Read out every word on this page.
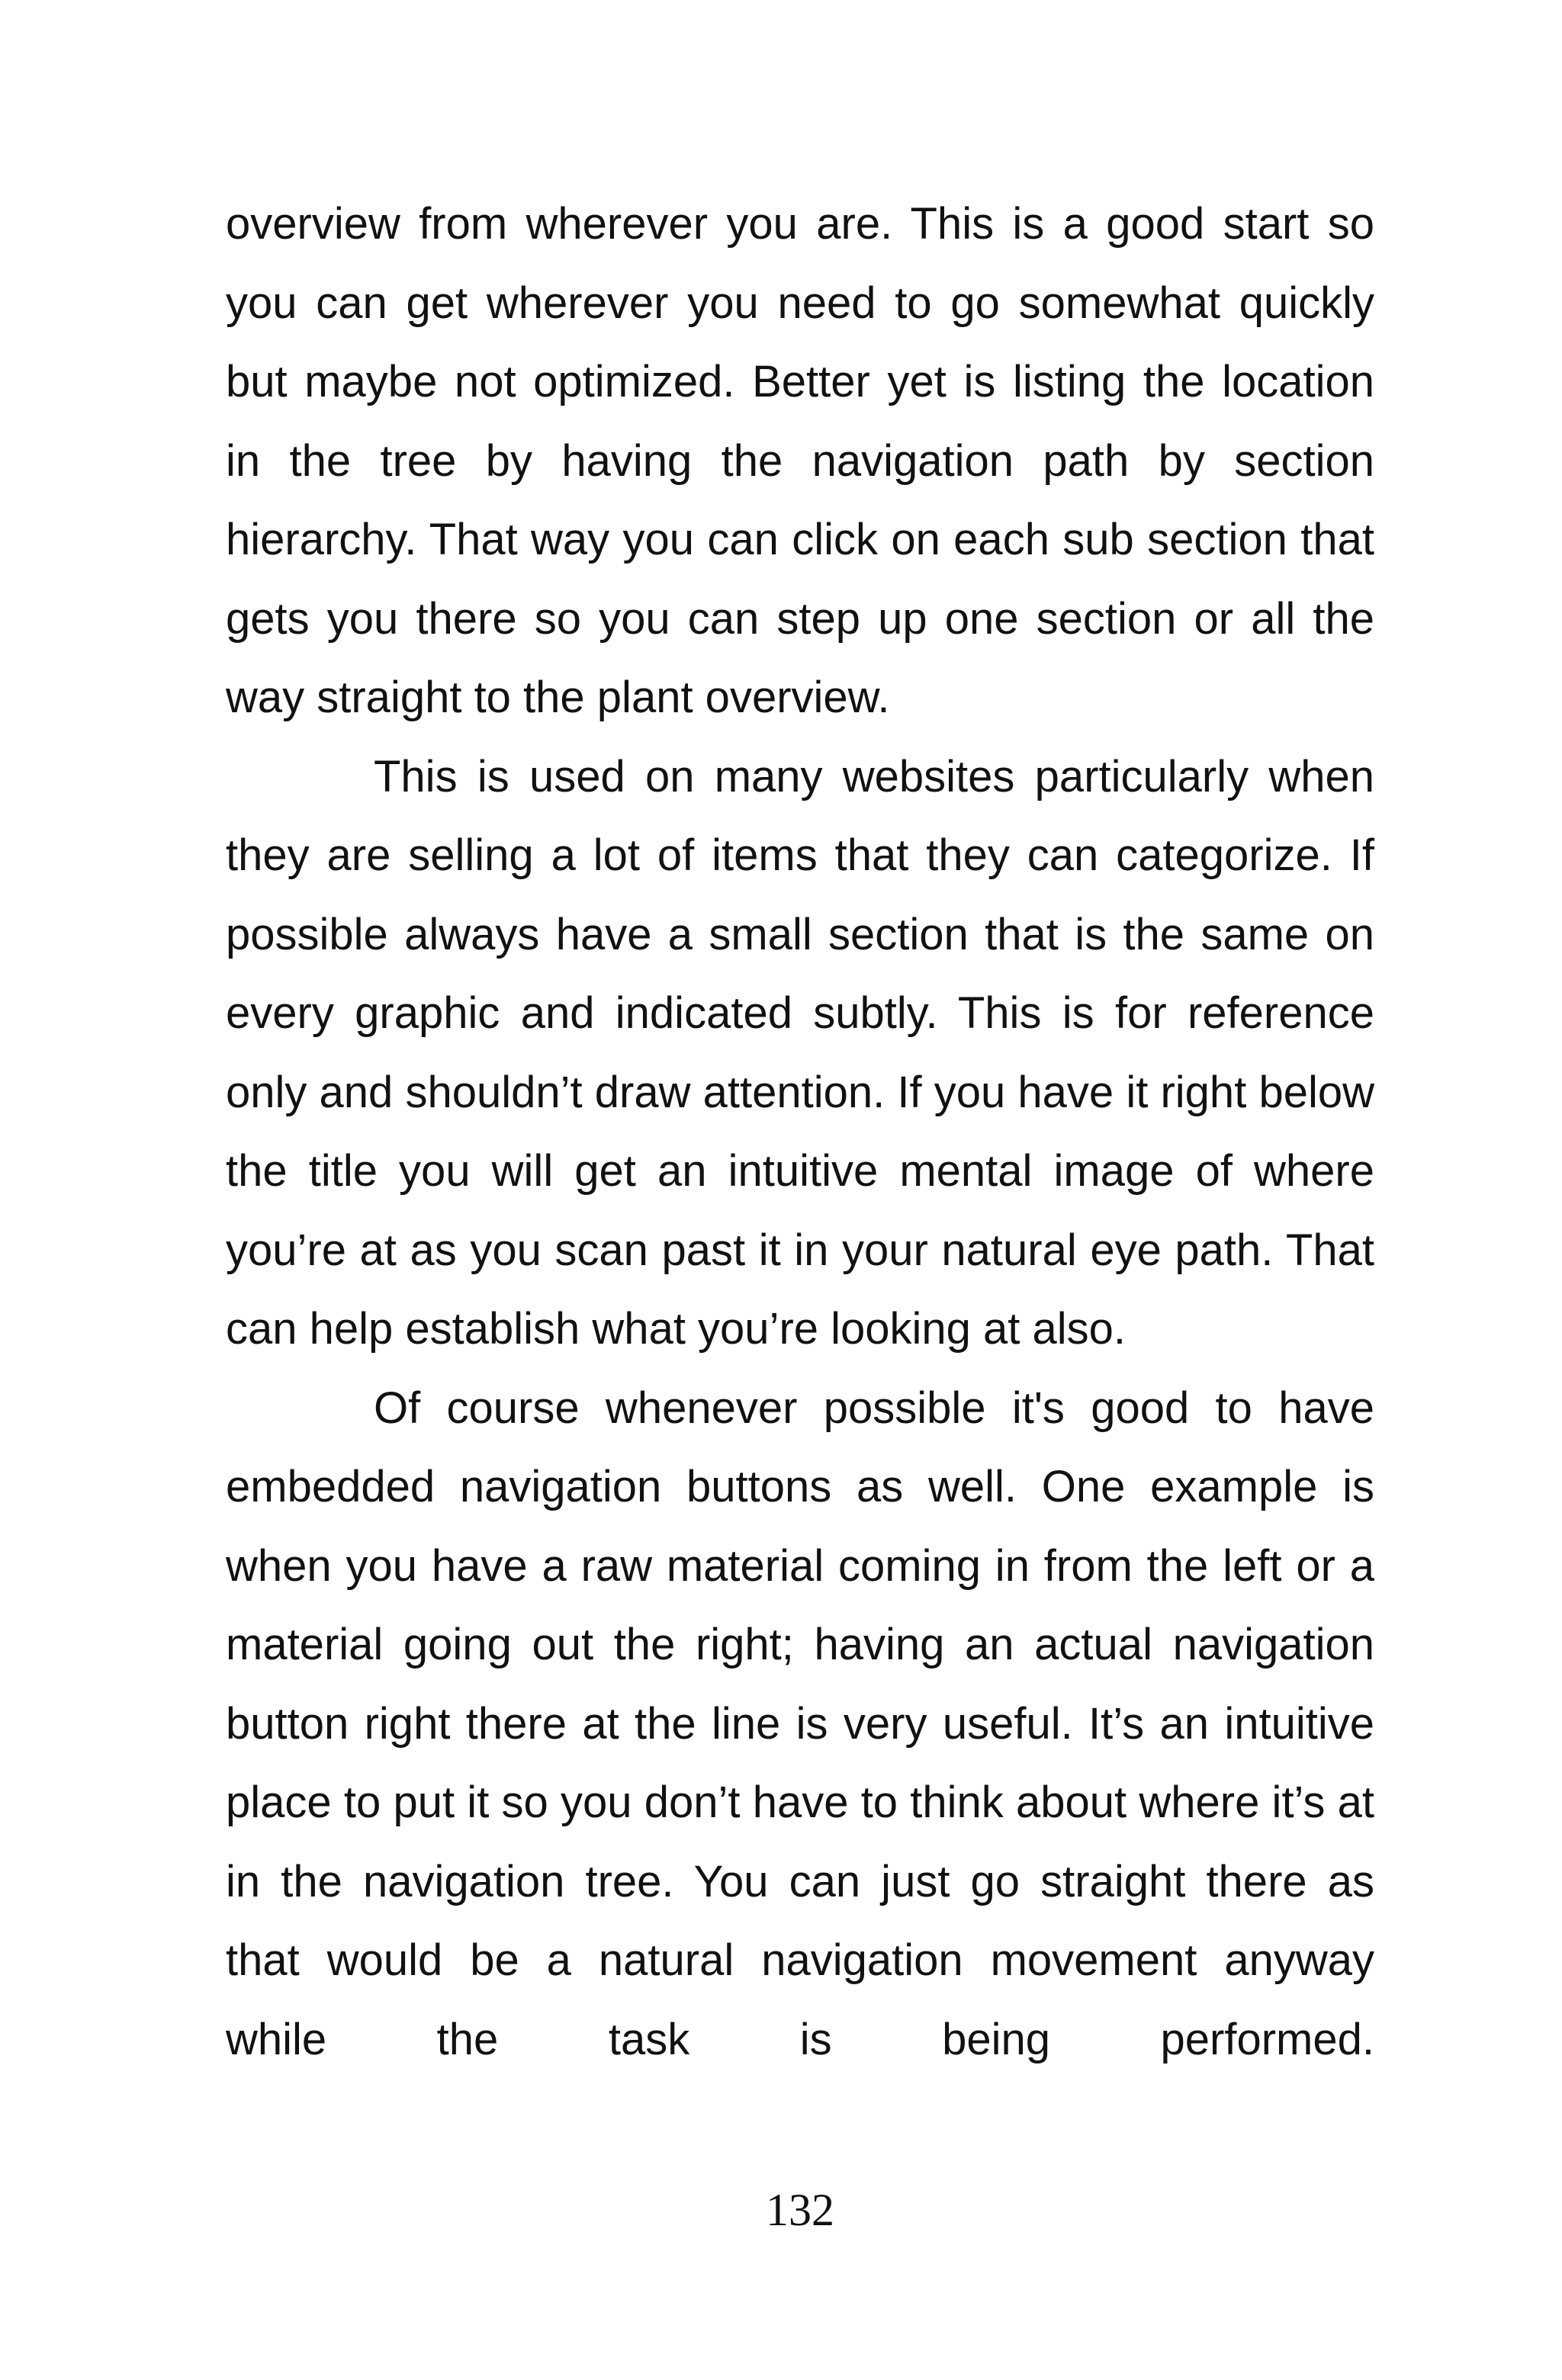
overview from wherever you are. This is a good start so you can get wherever you need to go somewhat quickly but maybe not optimized. Better yet is listing the location in the tree by having the navigation path by section hierarchy. That way you can click on each sub section that gets you there so you can step up one section or all the way straight to the plant overview.

This is used on many websites particularly when they are selling a lot of items that they can categorize. If possible always have a small section that is the same on every graphic and indicated subtly. This is for reference only and shouldn’t draw attention. If you have it right below the title you will get an intuitive mental image of where you’re at as you scan past it in your natural eye path. That can help establish what you’re looking at also.

Of course whenever possible it's good to have embedded navigation buttons as well. One example is when you have a raw material coming in from the left or a material going out the right; having an actual navigation button right there at the line is very useful. It’s an intuitive place to put it so you don’t have to think about where it’s at in the navigation tree. You can just go straight there as that would be a natural navigation movement anyway while the task is being performed.

132
